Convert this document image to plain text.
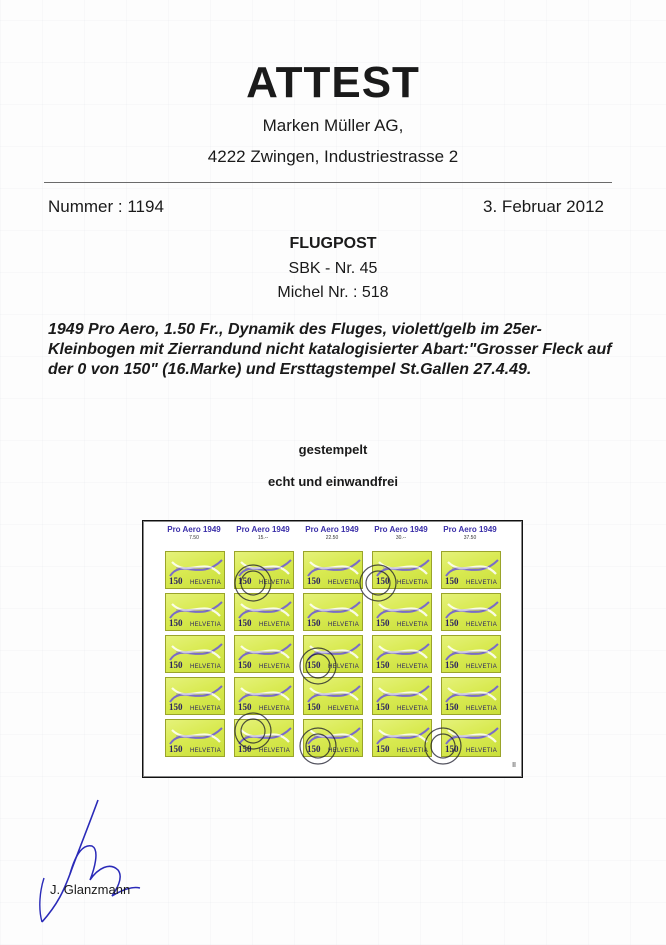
ATTEST
Marken Müller AG,
4222 Zwingen, Industriestrasse 2
Nummer : 1194	3. Februar 2012
FLUGPOST
SBK - Nr. 45
Michel Nr. : 518
1949 Pro Aero, 1.50 Fr., Dynamik des Fluges, violett/gelb im 25er-
Kleinbogen mit Zierrandund nicht katalogisierter Abart:"Grosser Fleck auf
der 0 von 150" (16.Marke) und Ersttagstempel St.Gallen 27.4.49.
gestempelt
echt und einwandfrei
Pro Aero 1949	Pro Aero 1949	Pro Aero 1949	Pro Aero 1949	Pro Aero 1949
7.50	15.--	22.50	30.--	37.50
150 HELVETIA 150 HELVETIA 150 HELVETIA 150 HELVETIA 150 HELVETIA
150 HELVETIA 150 HELVETIA 150 HELVETIA 150 HELVETIA 150 HELVETIA
150 HELVETIA 150 HELVETIA 150 HELVETIA 150 HELVETIA 150 HELVETIA
150 HELVETIA 150 HELVETIA 150 HELVETIA 150 HELVETIA 150 HELVETIA
150 HELVETIA 150 HELVETIA 150 HELVETIA 150 HELVETIA 150 HELVETIA
II
J. Glanzmann
